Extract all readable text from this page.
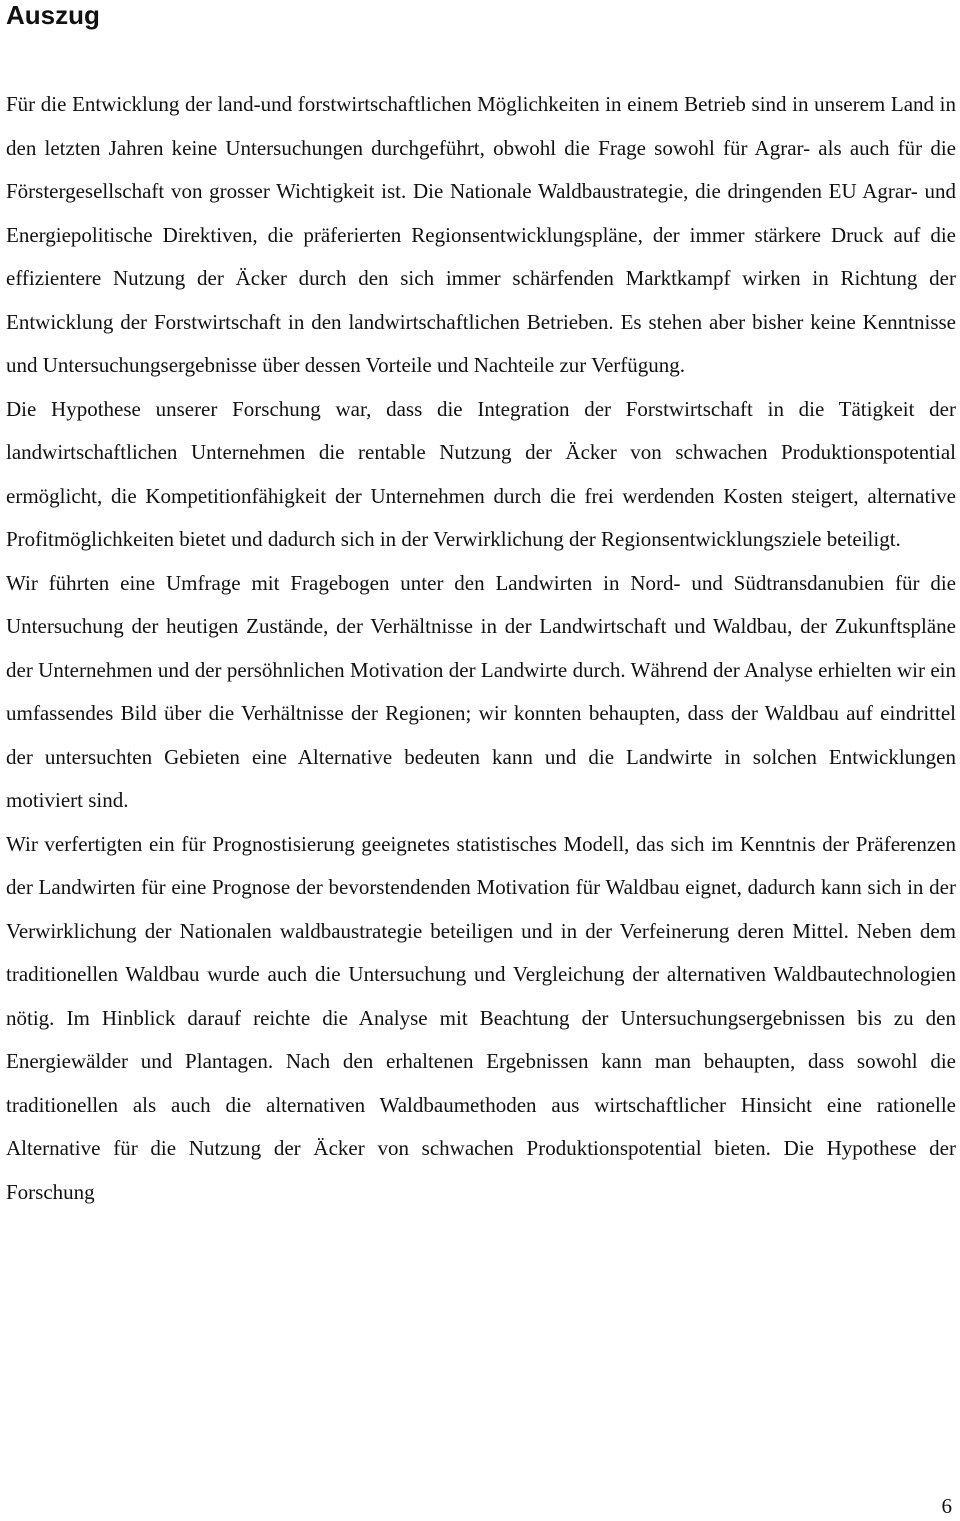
Auszug

Für die Entwicklung der land-und forstwirtschaftlichen Möglichkeiten in einem Betrieb sind in unserem Land in den letzten Jahren keine Untersuchungen durchgeführt, obwohl die Frage sowohl für Agrar- als auch für die Förstergesellschaft von grosser Wichtigkeit ist. Die Nationale Waldbaustrategie, die dringenden EU Agrar- und Energiepolitische Direktiven, die präferierten Regionsentwicklungspläne, der immer stärkere Druck auf die effizientere Nutzung der Äcker durch den sich immer schärfenden Marktkampf wirken in Richtung der Entwicklung der Forstwirtschaft in den landwirtschaftlichen Betrieben. Es stehen aber bisher keine Kenntnisse und Untersuchungsergebnisse über dessen Vorteile und Nachteile zur Verfügung.

Die Hypothese unserer Forschung war, dass die Integration der Forstwirtschaft in die Tätigkeit der landwirtschaftlichen Unternehmen die rentable Nutzung der Äcker von schwachen Produktionspotential ermöglicht, die Kompetitionfähigkeit der Unternehmen durch die frei werdenden Kosten steigert, alternative Profitmöglichkeiten bietet und dadurch sich in der Verwirklichung der Regionsentwicklungsziele beteiligt.

Wir führten eine Umfrage mit Fragebogen unter den Landwirten in Nord- und Südtransdanubien für die Untersuchung der heutigen Zustände, der Verhältnisse in der Landwirtschaft und Waldbau, der Zukunftspläne der Unternehmen und der persöhnlichen Motivation der Landwirte durch. Während der Analyse erhielten wir ein umfassendes Bild über die Verhältnisse der Regionen; wir konnten behaupten, dass der Waldbau auf eindrittel der untersuchten Gebieten eine Alternative bedeuten kann und die Landwirte in solchen Entwicklungen motiviert sind.

Wir verfertigten ein für Prognostisierung geeignetes statistisches Modell, das sich im Kenntnis der Präferenzen der Landwirten für eine Prognose der bevorstendenden Motivation für Waldbau eignet, dadurch kann sich in der Verwirklichung der Nationalen waldbaustrategie beteiligen und in der Verfeinerung deren Mittel. Neben dem traditionellen Waldbau wurde auch die Untersuchung und Vergleichung der alternativen Waldbautechnologien nötig. Im Hinblick darauf reichte die Analyse mit Beachtung der Untersuchungsergebnissen bis zu den Energiewälder und Plantagen. Nach den erhaltenen Ergebnissen kann man behaupten, dass sowohl die traditionellen als auch die alternativen Waldbaumethoden aus wirtschaftlicher Hinsicht eine rationelle Alternative für die Nutzung der Äcker von schwachen Produktionspotential bieten. Die Hypothese der Forschung

6
